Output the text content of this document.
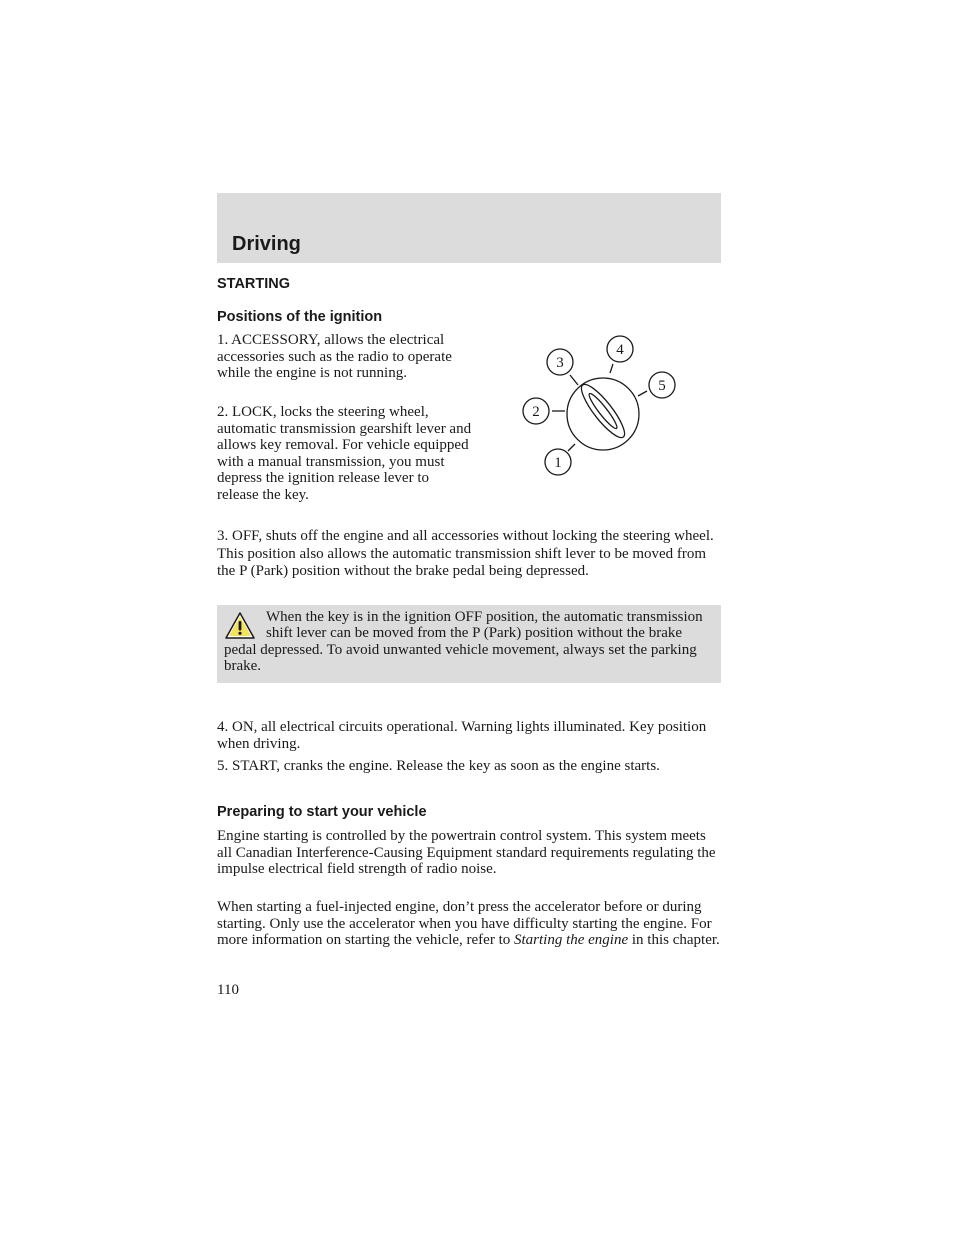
Driving
STARTING
Positions of the ignition

1. ACCESSORY, allows the electrical accessories such as the radio to operate while the engine is not running.

2. LOCK, locks the steering wheel, automatic transmission gearshift lever and allows key removal. For vehicle equipped with a manual transmission, you must depress the ignition release lever to release the key.

1
2
3
4
5

3. OFF, shuts off the engine and all accessories without locking the steering wheel. This position also allows the automatic transmission shift lever to be moved from the P (Park) position without the brake pedal being depressed.

When the key is in the ignition OFF position, the automatic transmission shift lever can be moved from the P (Park) position without the brake pedal depressed. To avoid unwanted vehicle movement, always set the parking brake.

4. ON, all electrical circuits operational. Warning lights illuminated. Key position when driving.

5. START, cranks the engine. Release the key as soon as the engine starts.

Preparing to start your vehicle

Engine starting is controlled by the powertrain control system. This system meets all Canadian Interference-Causing Equipment standard requirements regulating the impulse electrical field strength of radio noise.

When starting a fuel-injected engine, don’t press the accelerator before or during starting. Only use the accelerator when you have difficulty starting the engine. For more information on starting the vehicle, refer to Starting the engine in this chapter.

110
